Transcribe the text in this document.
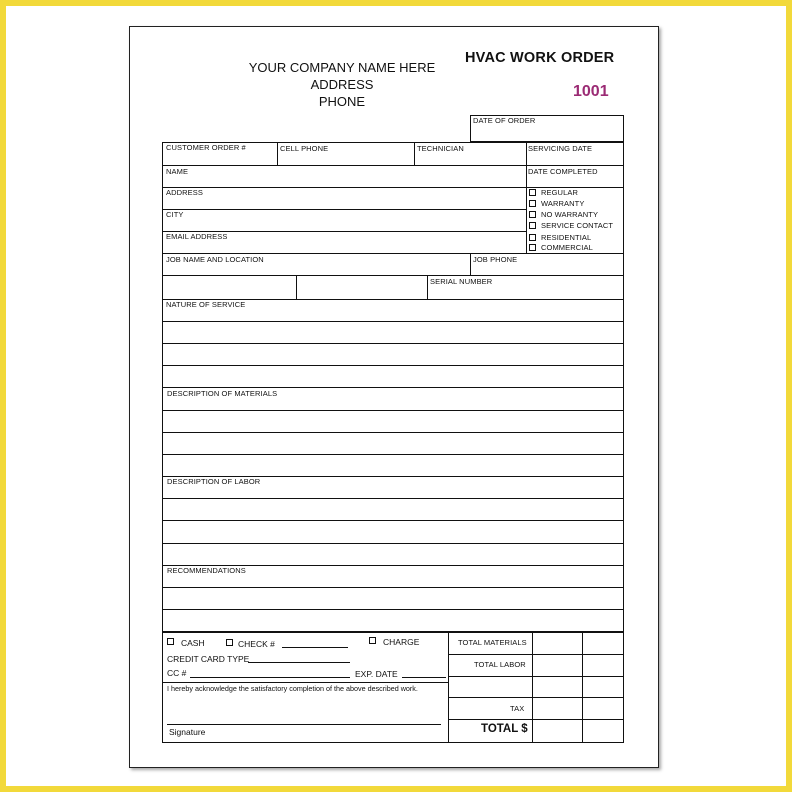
YOUR COMPANY NAME HERE
ADDRESS
PHONE
HVAC WORK ORDER
1001
DATE OF ORDER
CUSTOMER ORDER #	CELL PHONE	TECHNICIAN	SERVICING DATE
NAME	DATE COMPLETED
ADDRESS
CITY
EMAIL ADDRESS
JOB NAME AND LOCATION	JOB PHONE
SERIAL NUMBER
NATURE OF SERVICE
REGULAR
WARRANTY
NO WARRANTY
SERVICE CONTACT
RESIDENTIAL
COMMERCIAL
DESCRIPTION OF MATERIALS
DESCRIPTION OF LABOR
RECOMMENDATIONS
TOTAL MATERIALS
TOTAL LABOR
TAX
TOTAL $
CASH	CHECK #	CHARGE
CREDIT CARD TYPE
CC #	EXP. DATE
I hereby acknowledge the satisfactory completion of the above described work.
Signature
